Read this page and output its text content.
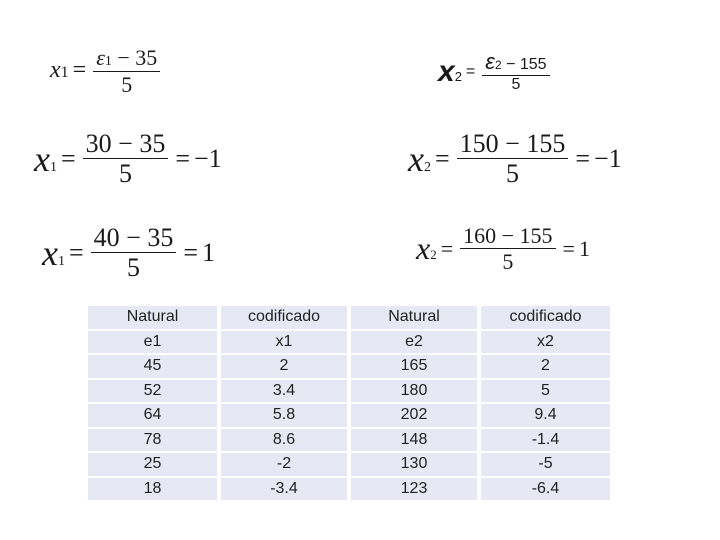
x $1 = \frac{\varepsilon 1 - 35}{5}$	x $2 = \frac{\varepsilon 2 - 155}{5}$
x $1 = \frac{30 - 35}{5} = -1$	x $2 = \frac{150 - 155}{5} = -1$
x $1 = \frac{40 - 35}{5} = 1$	x $2 = \frac{160 - 155}{5} = 1$
Natural		codificado		Natural		codificado
e1		x1		e2		x2
45		2		165		2
52		3.4		180		5
64		5.8		202		9.4
78		8.6		148		-1.4
25		-2		130		-5
18		-3.4		123		-6.4
